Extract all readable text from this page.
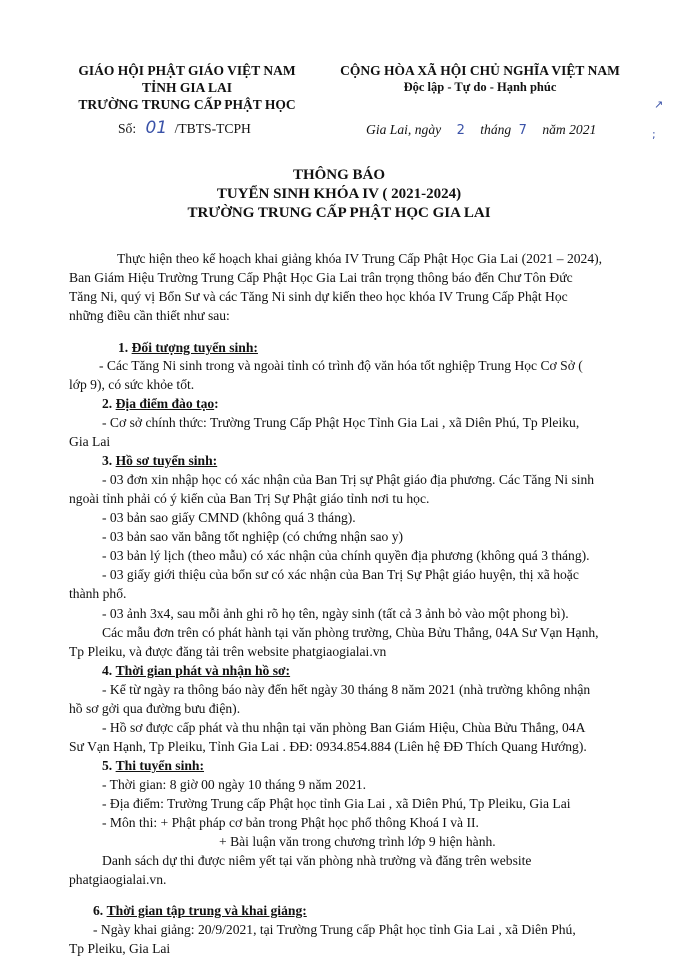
GIÁO HỘI PHẬT GIÁO VIỆT NAM
TỈNH GIA LAI
TRƯỜNG TRUNG CẤP PHẬT HỌC
CỘNG HÒA XÃ HỘI CHỦ NGHĨA VIỆT NAM
Độc lập - Tự do - Hạnh phúc
Số: 01 /TBTS-TCPH	Gia Lai, ngày 2 tháng 7 năm 2021
↗
;
THÔNG BÁO
TUYỂN SINH KHÓA IV ( 2021-2024)
TRƯỜNG TRUNG CẤP PHẬT HỌC GIA LAI
Thực hiện theo kế hoạch khai giảng khóa IV Trung Cấp Phật Học Gia Lai (2021 – 2024),
Ban Giám Hiệu Trường Trung Cấp Phật Học Gia Lai trân trọng thông báo đến Chư Tôn Đức
Tăng Ni, quý vị Bổn Sư và các Tăng Ni sinh dự kiến theo học khóa IV Trung Cấp Phật Học
những điều cần thiết như sau:
1. Đối tượng tuyển sinh:
- Các Tăng Ni sinh trong và ngoài tỉnh có trình độ văn hóa tốt nghiệp Trung Học Cơ Sở (
lớp 9), có sức khỏe tốt.
2. Địa điểm đào tạo:
- Cơ sở chính thức: Trường Trung Cấp Phật Học Tỉnh Gia Lai , xã Diên Phú, Tp Pleiku,
Gia Lai
3. Hồ sơ tuyển sinh:
- 03 đơn xin nhập học có xác nhận của Ban Trị sự Phật giáo địa phương. Các Tăng Ni sinh
ngoài tỉnh phải có ý kiến của Ban Trị Sự Phật giáo tỉnh nơi tu học.
- 03 bản sao giấy CMND (không quá 3 tháng).
- 03 bản sao văn bằng tốt nghiệp (có chứng nhận sao y)
- 03 bản lý lịch (theo mẫu) có xác nhận của chính quyền địa phương (không quá 3 tháng).
- 03 giấy giới thiệu của bổn sư có xác nhận của Ban Trị Sự Phật giáo huyện, thị xã hoặc
thành phố.
- 03 ảnh 3x4, sau mỗi ảnh ghi rõ họ tên, ngày sinh (tất cả 3 ảnh bỏ vào một phong bì).
Các mẫu đơn trên có phát hành tại văn phòng trường, Chùa Bửu Thắng, 04A Sư Vạn Hạnh,
Tp Pleiku, và được đăng tải trên website phatgiaogialai.vn
4. Thời gian phát và nhận hồ sơ:
- Kể từ ngày ra thông báo này đến hết ngày 30 tháng 8 năm 2021 (nhà trường không nhận
hồ sơ gởi qua đường bưu điện).
- Hồ sơ được cấp phát và thu nhận tại văn phòng Ban Giám Hiệu, Chùa Bửu Thắng, 04A
Sư Vạn Hạnh, Tp Pleiku, Tỉnh Gia Lai . ĐĐ: 0934.854.884 (Liên hệ ĐĐ Thích Quang Hướng).
5. Thi tuyển sinh:
- Thời gian: 8 giờ 00 ngày 10 tháng 9 năm 2021.
- Địa điểm: Trường Trung cấp Phật học tỉnh Gia Lai , xã Diên Phú, Tp Pleiku, Gia Lai
- Môn thi: + Phật pháp cơ bản trong Phật học phổ thông Khoá I và II.
+ Bài luận văn trong chương trình lớp 9 hiện hành.
Danh sách dự thi được niêm yết tại văn phòng nhà trường và đăng trên website
phatgiaogialai.vn.
6. Thời gian tập trung và khai giảng:
- Ngày khai giảng: 20/9/2021, tại Trường Trung cấp Phật học tỉnh Gia Lai , xã Diên Phú,
Tp Pleiku, Gia Lai
